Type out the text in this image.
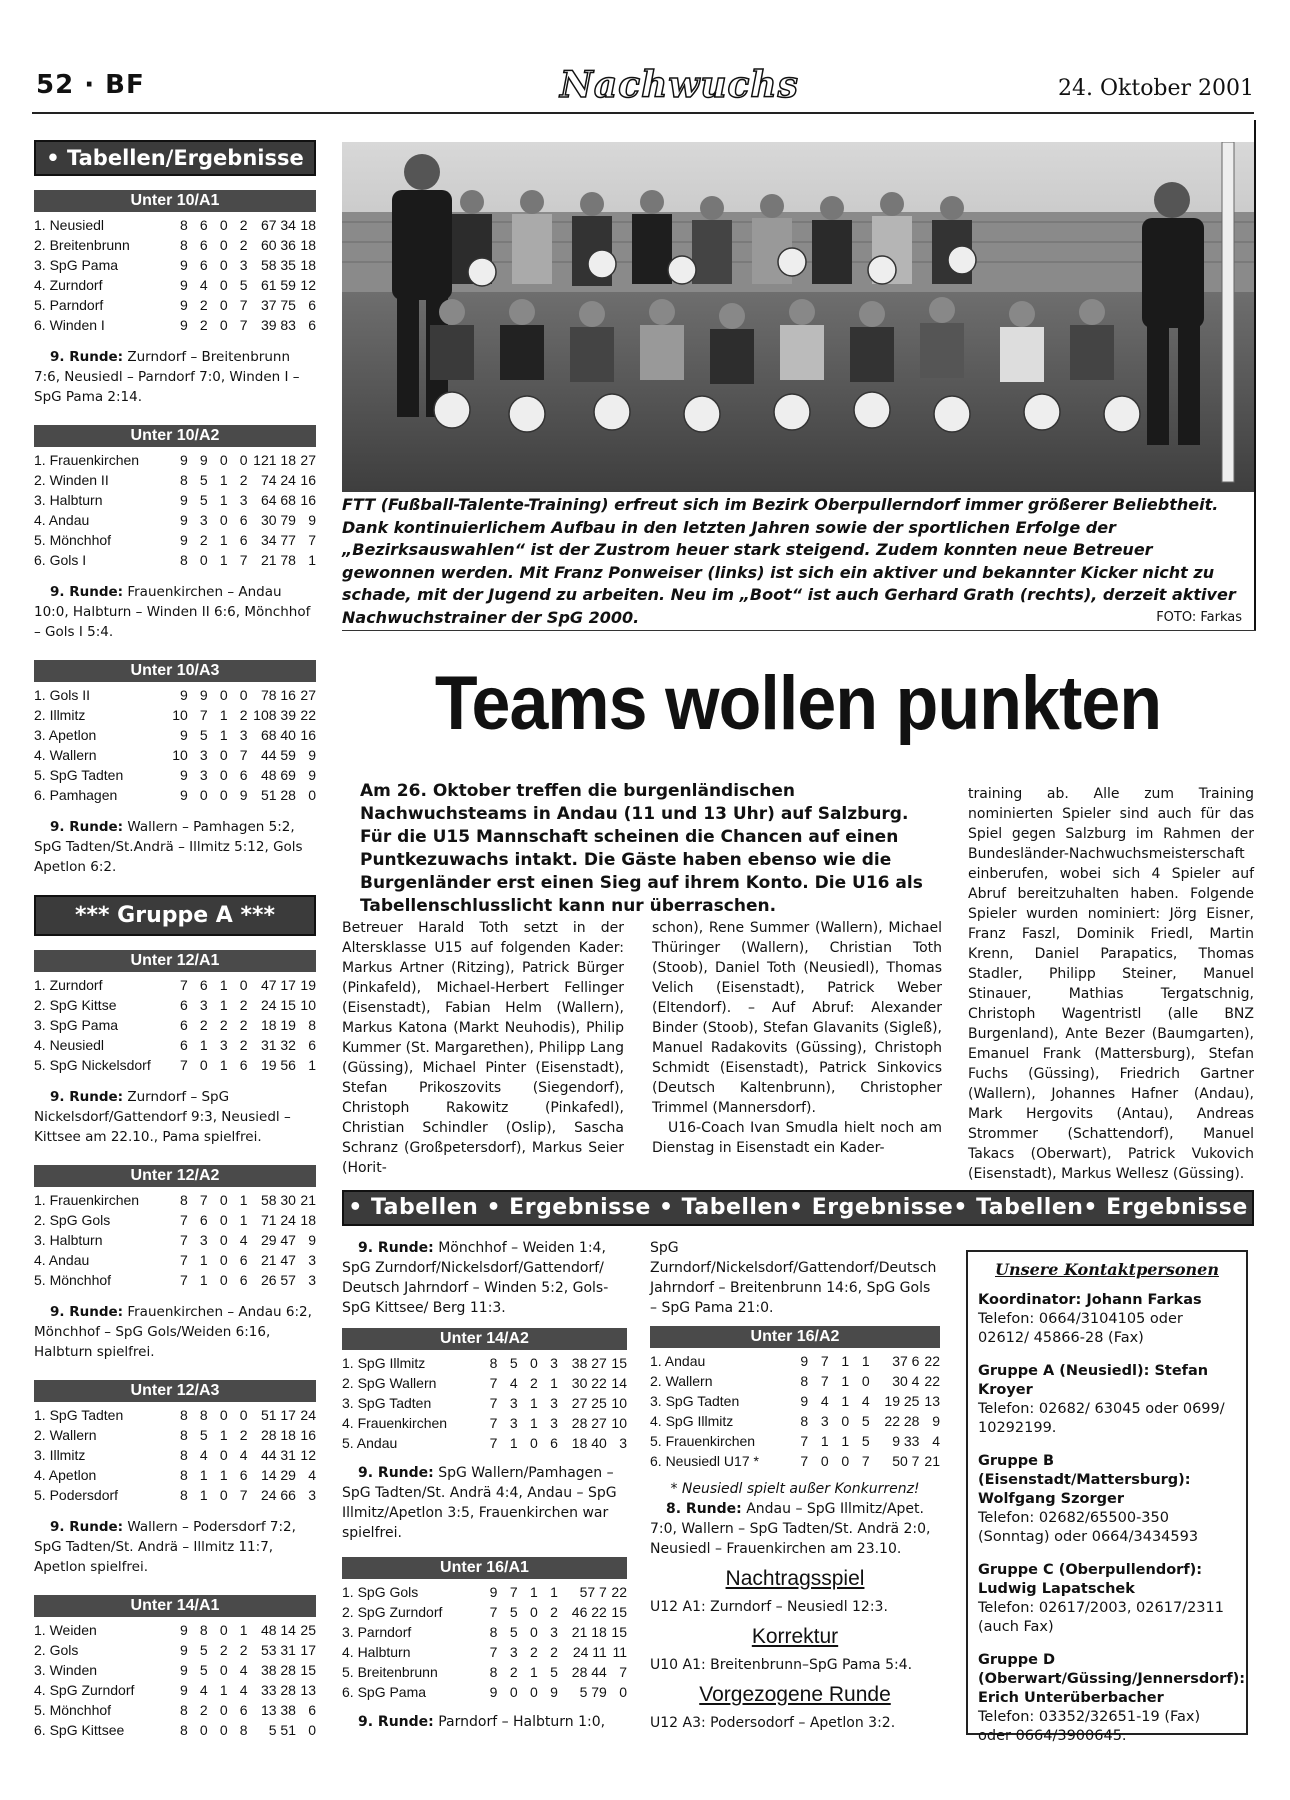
52 · BF	Nachwuchs	24. Oktober 2001
• Tabellen/Ergebnisse
Unter 10/A1
1. Neusiedl	8	6	0	2	67 34	18
2. Breitenbrunn	8	6	0	2	60 36	18
3. SpG Pama	9	6	0	3	58 35	18
4. Zurndorf	9	4	0	5	61 59	12
5. Parndorf	9	2	0	7	37 75	6
6. Winden I	9	2	0	7	39 83	6
9. Runde: Zurndorf – Breitenbrunn 7:6, Neusiedl – Parndorf 7:0, Winden I – SpG Pama 2:14.
Unter 10/A2
1. Frauenkirchen	9	9	0	0	121 18	27
2. Winden II	8	5	1	2	74 24	16
3. Halbturn	9	5	1	3	64 68	16
4. Andau	9	3	0	6	30 79	9
5. Mönchhof	9	2	1	6	34 77	7
6. Gols I	8	0	1	7	21 78	1
9. Runde: Frauenkirchen – Andau 10:0, Halbturn – Winden II 6:6, Mönchhof – Gols I 5:4.
Unter 10/A3
1. Gols II	9	9	0	0	78 16	27
2. Illmitz	10	7	1	2	108 39	22
3. Apetlon	9	5	1	3	68 40	16
4. Wallern	10	3	0	7	44 59	9
5. SpG Tadten	9	3	0	6	48 69	9
6. Pamhagen	9	0	0	9	51 28	0
9. Runde: Wallern – Pamhagen 5:2, SpG Tadten/St.Andrä – Illmitz 5:12, Gols Apetlon 6:2.
*** Gruppe A ***
Unter 12/A1
1. Zurndorf	7	6	1	0	47 17	19
2. SpG Kittse	6	3	1	2	24 15	10
3. SpG Pama	6	2	2	2	18 19	8
4. Neusiedl	6	1	3	2	31 32	6
5. SpG Nickelsdorf	7	0	1	6	19 56	1
9. Runde: Zurndorf – SpG Nickelsdorf/Gattendorf 9:3, Neusiedl – Kittsee am 22.10., Pama spielfrei.
Unter 12/A2
1. Frauenkirchen	8	7	0	1	58 30	21
2. SpG Gols	7	6	0	1	71 24	18
3. Halbturn	7	3	0	4	29 47	9
4. Andau	7	1	0	6	21 47	3
5. Mönchhof	7	1	0	6	26 57	3
9. Runde: Frauenkirchen – Andau 6:2, Mönchhof – SpG Gols/Weiden 6:16, Halbturn spielfrei.
Unter 12/A3
1. SpG Tadten	8	8	0	0	51 17	24
2. Wallern	8	5	1	2	28 18	16
3. Illmitz	8	4	0	4	44 31	12
4. Apetlon	8	1	1	6	14 29	4
5. Podersdorf	8	1	0	7	24 66	3
9. Runde: Wallern – Podersdorf 7:2, SpG Tadten/St. Andrä – Illmitz 11:7, Apetlon spielfrei.
Unter 14/A1
1. Weiden	9	8	0	1	48 14	25
2. Gols	9	5	2	2	53 31	17
3. Winden	9	5	0	4	38 28	15
4. SpG Zurndorf	9	4	1	4	33 28	13
5. Mönchhof	8	2	0	6	13 38	6
6. SpG Kittsee	8	0	0	8	5 51	0
FTT (Fußball-Talente-Training) erfreut sich im Bezirk Oberpullerndorf immer größerer Beliebtheit. Dank kontinuierlichem Aufbau in den letzten Jahren sowie der sportlichen Erfolge der „Bezirksauswahlen“ ist der Zustrom heuer stark steigend. Zudem konnten neue Betreuer gewonnen werden. Mit Franz Ponweiser (links) ist sich ein aktiver und bekannter Kicker nicht zu schade, mit der Jugend zu arbeiten. Neu im „Boot“ ist auch Gerhard Grath (rechts), derzeit aktiver Nachwuchstrainer der SpG 2000.	FOTO: Farkas
Teams wollen punkten
Am 26. Oktober treffen die burgenländischen Nachwuchsteams in Andau (11 und 13 Uhr) auf Salzburg. Für die U15 Mannschaft scheinen die Chancen auf einen Puntkezuwachs intakt. Die Gäste haben ebenso wie die Burgenländer erst einen Sieg auf ihrem Konto. Die U16 als Tabellenschlusslicht kann nur überraschen.
Betreuer Harald Toth setzt in der Altersklasse U15 auf folgenden Kader: Markus Artner (Ritzing), Patrick Bürger (Pinkafeld), Michael-Herbert Fellinger (Eisenstadt), Fabian Helm (Wallern), Markus Katona (Markt Neuhodis), Philip Kummer (St. Margarethen), Philipp Lang (Güssing), Michael Pinter (Eisenstadt), Stefan Prikoszovits (Siegendorf), Christoph Rakowitz (Pinkafedl), Christian Schindler (Oslip), Sascha Schranz (Großpetersdorf), Markus Seier (Horit-
schon), Rene Summer (Wallern), Michael Thüringer (Wallern), Christian Toth (Stoob), Daniel Toth (Neusiedl), Thomas Velich (Eisenstadt), Patrick Weber (Eltendorf). – Auf Abruf: Alexander Binder (Stoob), Stefan Glavanits (Sigleß), Manuel Radakovits (Güssing), Christoph Schmidt (Eisenstadt), Patrick Sinkovics (Deutsch Kaltenbrunn), Christopher Trimmel (Mannersdorf).
U16-Coach Ivan Smudla hielt noch am Dienstag in Eisenstadt ein Kader-
training ab. Alle zum Training nominierten Spieler sind auch für das Spiel gegen Salzburg im Rahmen der Bundesländer-Nachwuchsmeisterschaft einberufen, wobei sich 4 Spieler auf Abruf bereitzuhalten haben. Folgende Spieler wurden nominiert: Jörg Eisner, Franz Faszl, Dominik Friedl, Martin Krenn, Daniel Parapatics, Thomas Stadler, Philipp Steiner, Manuel Stinauer, Mathias Tergatschnig, Christoph Wagentristl (alle BNZ Burgenland), Ante Bezer (Baumgarten), Emanuel Frank (Mattersburg), Stefan Fuchs (Güssing), Friedrich Gartner (Wallern), Johannes Hafner (Andau), Mark Hergovits (Antau), Andreas Strommer (Schattendorf), Manuel Takacs (Oberwart), Patrick Vukovich (Eisenstadt), Markus Wellesz (Güssing).
• Tabellen • Ergebnisse • Tabellen• Ergebnisse• Tabellen• Ergebnisse
9. Runde: Mönchhof – Weiden 1:4, SpG Zurndorf/Nickelsdorf/Gattendorf/ Deutsch Jahrndorf – Winden 5:2, Gols-SpG Kittsee/ Berg 11:3.
Unter 14/A2
1. SpG Illmitz	8	5	0	3	38 27	15
2. SpG Wallern	7	4	2	1	30 22	14
3. SpG Tadten	7	3	1	3	27 25	10
4. Frauenkirchen	7	3	1	3	28 27	10
5. Andau	7	1	0	6	18 40	3
9. Runde: SpG Wallern/Pamhagen – SpG Tadten/St. Andrä 4:4, Andau – SpG Illmitz/Apetlon 3:5, Frauenkirchen war spielfrei.
Unter 16/A1
1. SpG Gols	9	7	1	1	57 7	22
2. SpG Zurndorf	7	5	0	2	46 22	15
3. Parndorf	8	5	0	3	21 18	15
4. Halbturn	7	3	2	2	24 11	11
5. Breitenbrunn	8	2	1	5	28 44	7
6. SpG Pama	9	0	0	9	5 79	0
9. Runde: Parndorf – Halbturn 1:0,
SpG Zurndorf/Nickelsdorf/Gattendorf/Deutsch Jahrndorf – Breitenbrunn 14:6, SpG Gols – SpG Pama 21:0.
Unter 16/A2
1. Andau	9	7	1	1	37 6	22
2. Wallern	8	7	1	0	30 4	22
3. SpG Tadten	9	4	1	4	19 25	13
4. SpG Illmitz	8	3	0	5	22 28	9
5. Frauenkirchen	7	1	1	5	9 33	4
6. Neusiedl U17 *	7	0	0	7	50 7	21
* Neusiedl spielt außer Konkurrenz!
8. Runde: Andau – SpG Illmitz/Apet. 7:0, Wallern – SpG Tadten/St. Andrä 2:0, Neusiedl – Frauenkirchen am 23.10.
Nachtragsspiel
U12 A1: Zurndorf – Neusiedl 12:3.
Korrektur
U10 A1: Breitenbrunn–SpG Pama 5:4.
Vorgezogene Runde
U12 A3: Podersodorf – Apetlon 3:2.
Unsere Kontaktpersonen
Koordinator: Johann Farkas
Telefon: 0664/3104105 oder 02612/ 45866-28 (Fax)
Gruppe A (Neusiedl): Stefan Kroyer
Telefon: 02682/ 63045 oder 0699/ 10292199.
Gruppe B (Eisenstadt/Mattersburg): Wolfgang Szorger
Telefon: 02682/65500-350 (Sonntag) oder 0664/3434593
Gruppe C (Oberpullendorf): Ludwig Lapatschek
Telefon: 02617/2003, 02617/2311 (auch Fax)
Gruppe D (Oberwart/Güssing/Jennersdorf): Erich Unterüberbacher
Telefon: 03352/32651-19 (Fax) oder 0664/3900645.
